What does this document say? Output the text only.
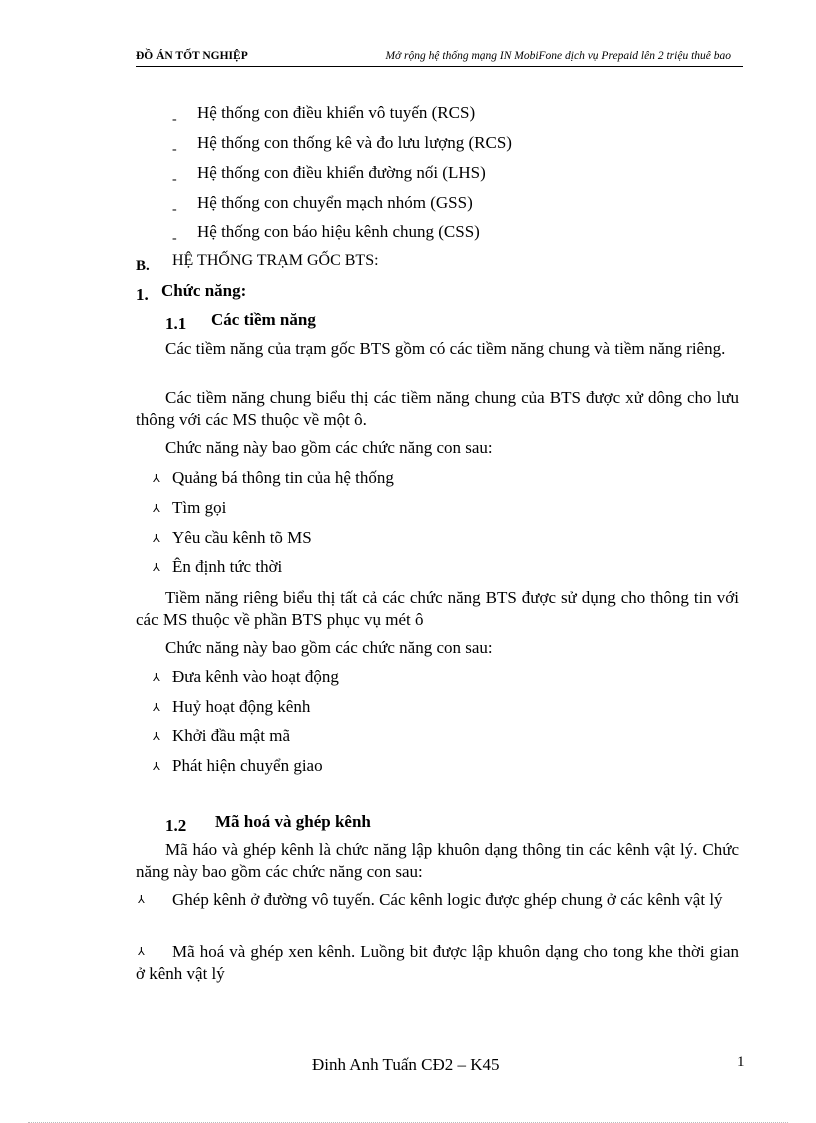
ĐỒ ÁN TỐT NGHIỆP	Mở rộng hệ thống mạng IN MobiFone dịch vụ Prepaid lên 2 triệu thuê bao
- Hệ thống con điều khiển vô tuyến (RCS)
- Hệ thống con thống kê và đo lưu lượng (RCS)
- Hệ thống con điều khiển đường nối (LHS)
- Hệ thống con chuyển mạch nhóm (GSS)
- Hệ thống con báo hiệu kênh chung (CSS)
B. HỆ THỐNG TRẠM GỐC BTS:
1. Chức năng:
1.1 Các tiềm năng
Các tiềm năng của trạm gốc BTS gồm có các tiềm năng chung và tiềm năng riêng.
Các tiềm năng chung biểu thị các tiềm năng chung của BTS được xử dông cho lưu thông với các MS thuộc về một ô.
Chức năng này bao gồm các chức năng con sau:
⅄ Quảng bá thông tin của hệ thống
⅄ Tìm gọi
⅄ Yêu cầu kênh tõ MS
⅄ Ên định tức thời
Tiềm năng riêng biểu thị tất cả các chức năng BTS được sử dụng cho thông tin với các MS thuộc về phần BTS phục vụ mét ô
Chức năng này bao gồm các chức năng con sau:
⅄ Đưa kênh vào hoạt động
⅄ Huỷ hoạt động kênh
⅄ Khởi đầu mật mã
⅄ Phát hiện chuyển giao
1.2 Mã hoá và ghép kênh
Mã háo và ghép kênh là chức năng lập khuôn dạng thông tin các kênh vật lý. Chức năng này bao gồm các chức năng con sau:
⅄	Ghép kênh ở đường vô tuyến. Các kênh logic được ghép chung ở các kênh vật lý
⅄	Mã hoá và ghép xen kênh. Luồng bit được lập khuôn dạng cho tong khe thời gian ở kênh vật lý
Đinh Anh Tuấn CĐ2 – K45	1
